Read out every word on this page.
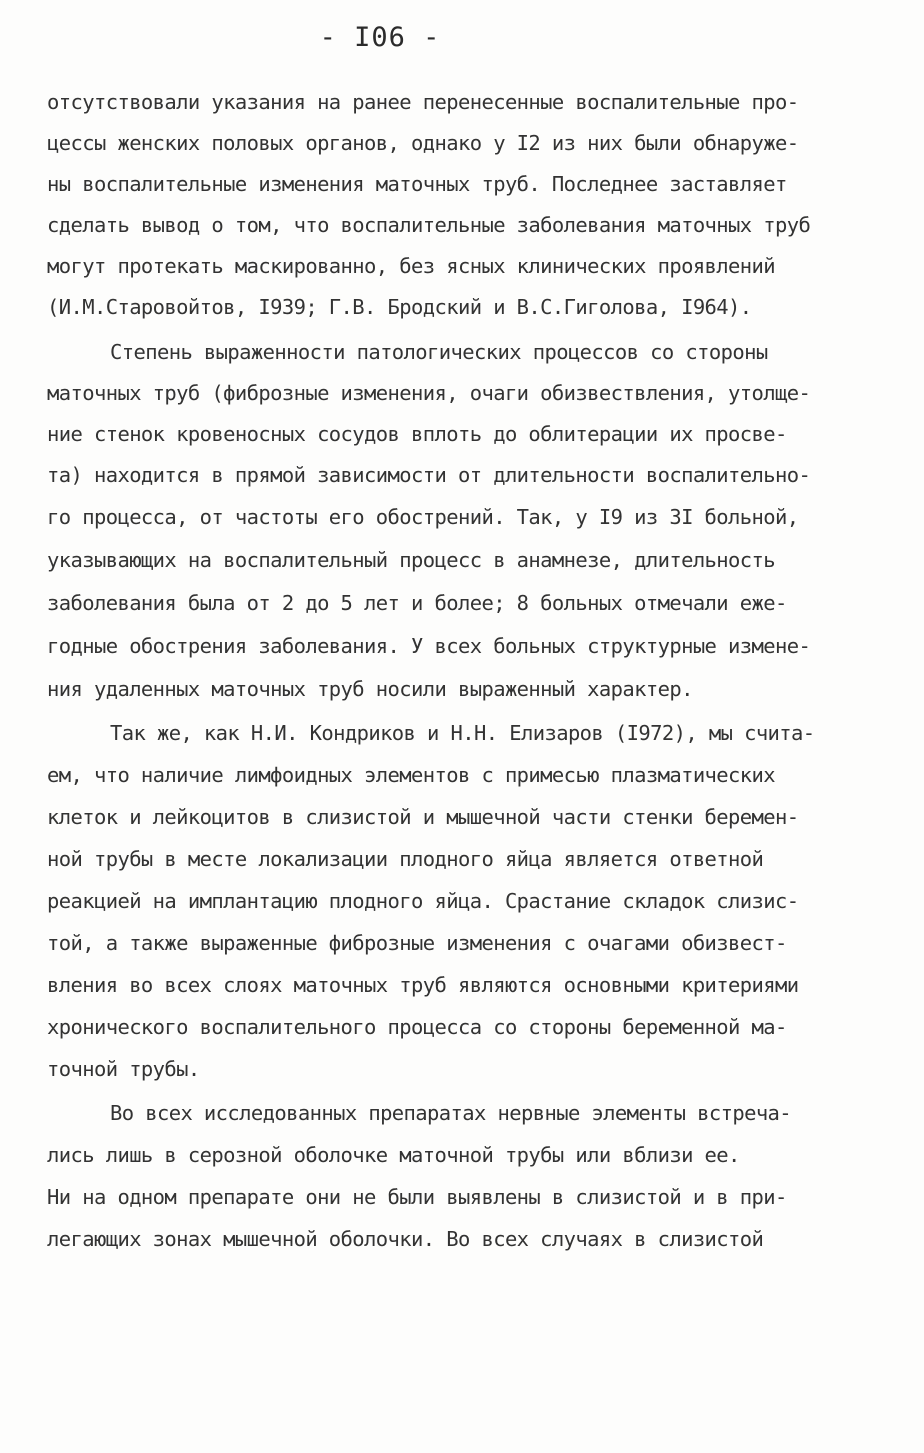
- I06 -
отсутствовали указания на ранее перенесенные воспалительные про-
цессы женских половых органов, однако у I2 из них были обнаруже-
ны воспалительные изменения маточных труб. Последнее заставляет
сделать вывод о том, что воспалительные заболевания маточных труб
могут протекать маскированно, без ясных клинических проявлений
(И.М.Старовойтов, I939; Г.В. Бродский и В.С.Гиголова, I964).
Степень выраженности патологических процессов со стороны
маточных труб (фиброзные изменения, очаги обизвествления, утолще-
ние стенок кровеносных сосудов вплоть до облитерации их просве-
та) находится в прямой зависимости от длительности воспалительно-
го процесса, от частоты его обострений. Так, у I9 из 3I больной,
указывающих на воспалительный процесс в анамнезе, длительность
заболевания была от 2 до 5 лет и более; 8 больных отмечали еже-
годные обострения заболевания. У всех больных структурные измене-
ния удаленных маточных труб носили выраженный характер.
Так же, как Н.И. Кондриков и Н.Н. Елизаров (I972), мы счита-
ем, что наличие лимфоидных элементов с примесью плазматических
клеток и лейкоцитов в слизистой и мышечной части стенки беремен-
ной трубы в месте локализации плодного яйца является ответной
реакцией на имплантацию плодного яйца. Срастание складок слизис-
той, а также выраженные фиброзные изменения с очагами обизвест-
вления во всех слоях маточных труб являются основными критериями
хронического воспалительного процесса со стороны беременной ма-
точной трубы.
Во всех исследованных препаратах нервные элементы встреча-
лись лишь в серозной оболочке маточной трубы или вблизи ее.
Ни на одном препарате они не были выявлены в слизистой и в при-
легающих зонах мышечной оболочки. Во всех случаях в слизистой
